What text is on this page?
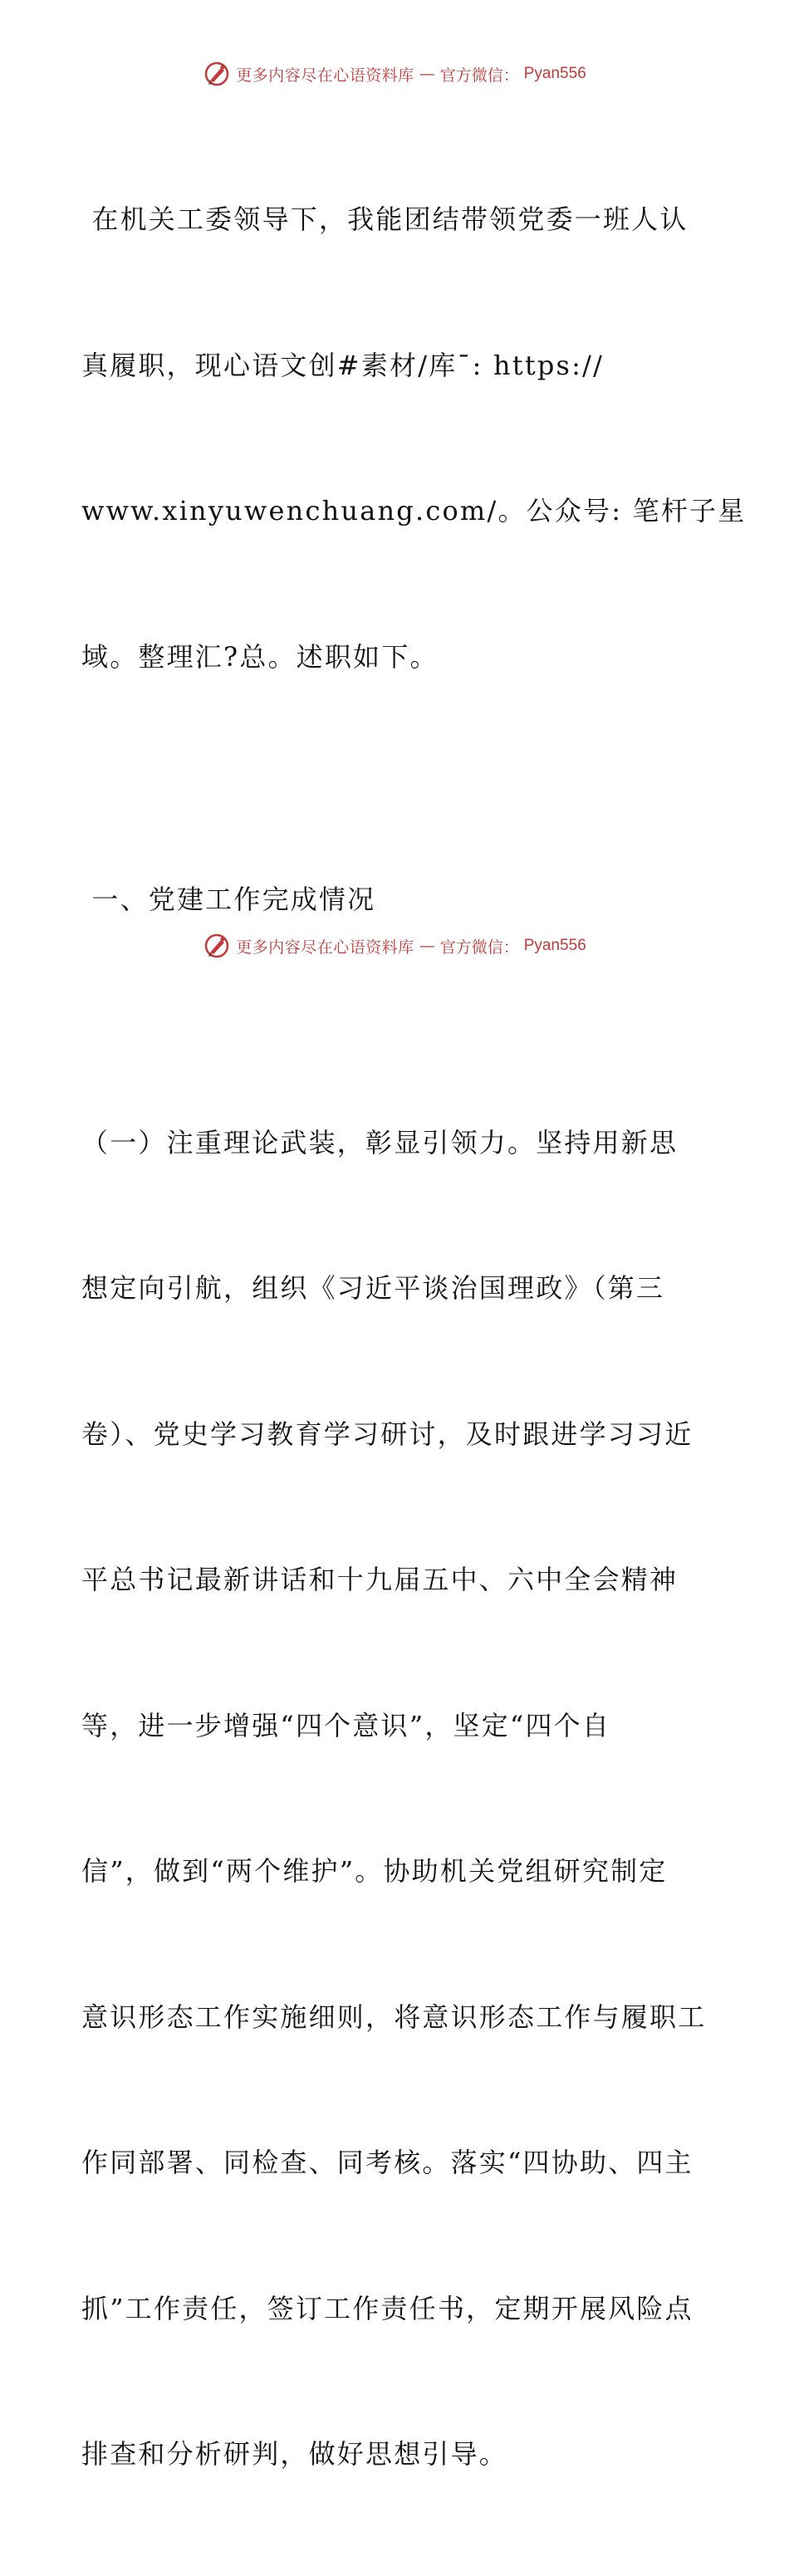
更多内容尽在心语资料库 — 官方微信： Pyan556

在机关工委领导下，我能团结带领党委一班人认

真履职，现心语文创#素材/库¯: https://

www.xinyuwenchuang.com/。公众号: 笔杆子星

域。整理汇?总。述职如下。

一、党建工作完成情况

（一）注重理论武装，彰显引领力。坚持用新思

想定向引航，组织《习近平谈治国理政》（第三

卷）、党史学习教育学习研讨，及时跟进学习习近

平总书记最新讲话和十九届五中、六中全会精神

等，进一步增强“四个意识”，坚定“四个自

信”，做到“两个维护”。协助机关党组研究制定

意识形态工作实施细则，将意识形态工作与履职工

作同部署、同检查、同考核。落实“四协助、四主

抓”工作责任，签订工作责任书，定期开展风险点

排查和分析研判，做好思想引导。

更多内容尽在心语资料库 — 官方微信： Pyan556
